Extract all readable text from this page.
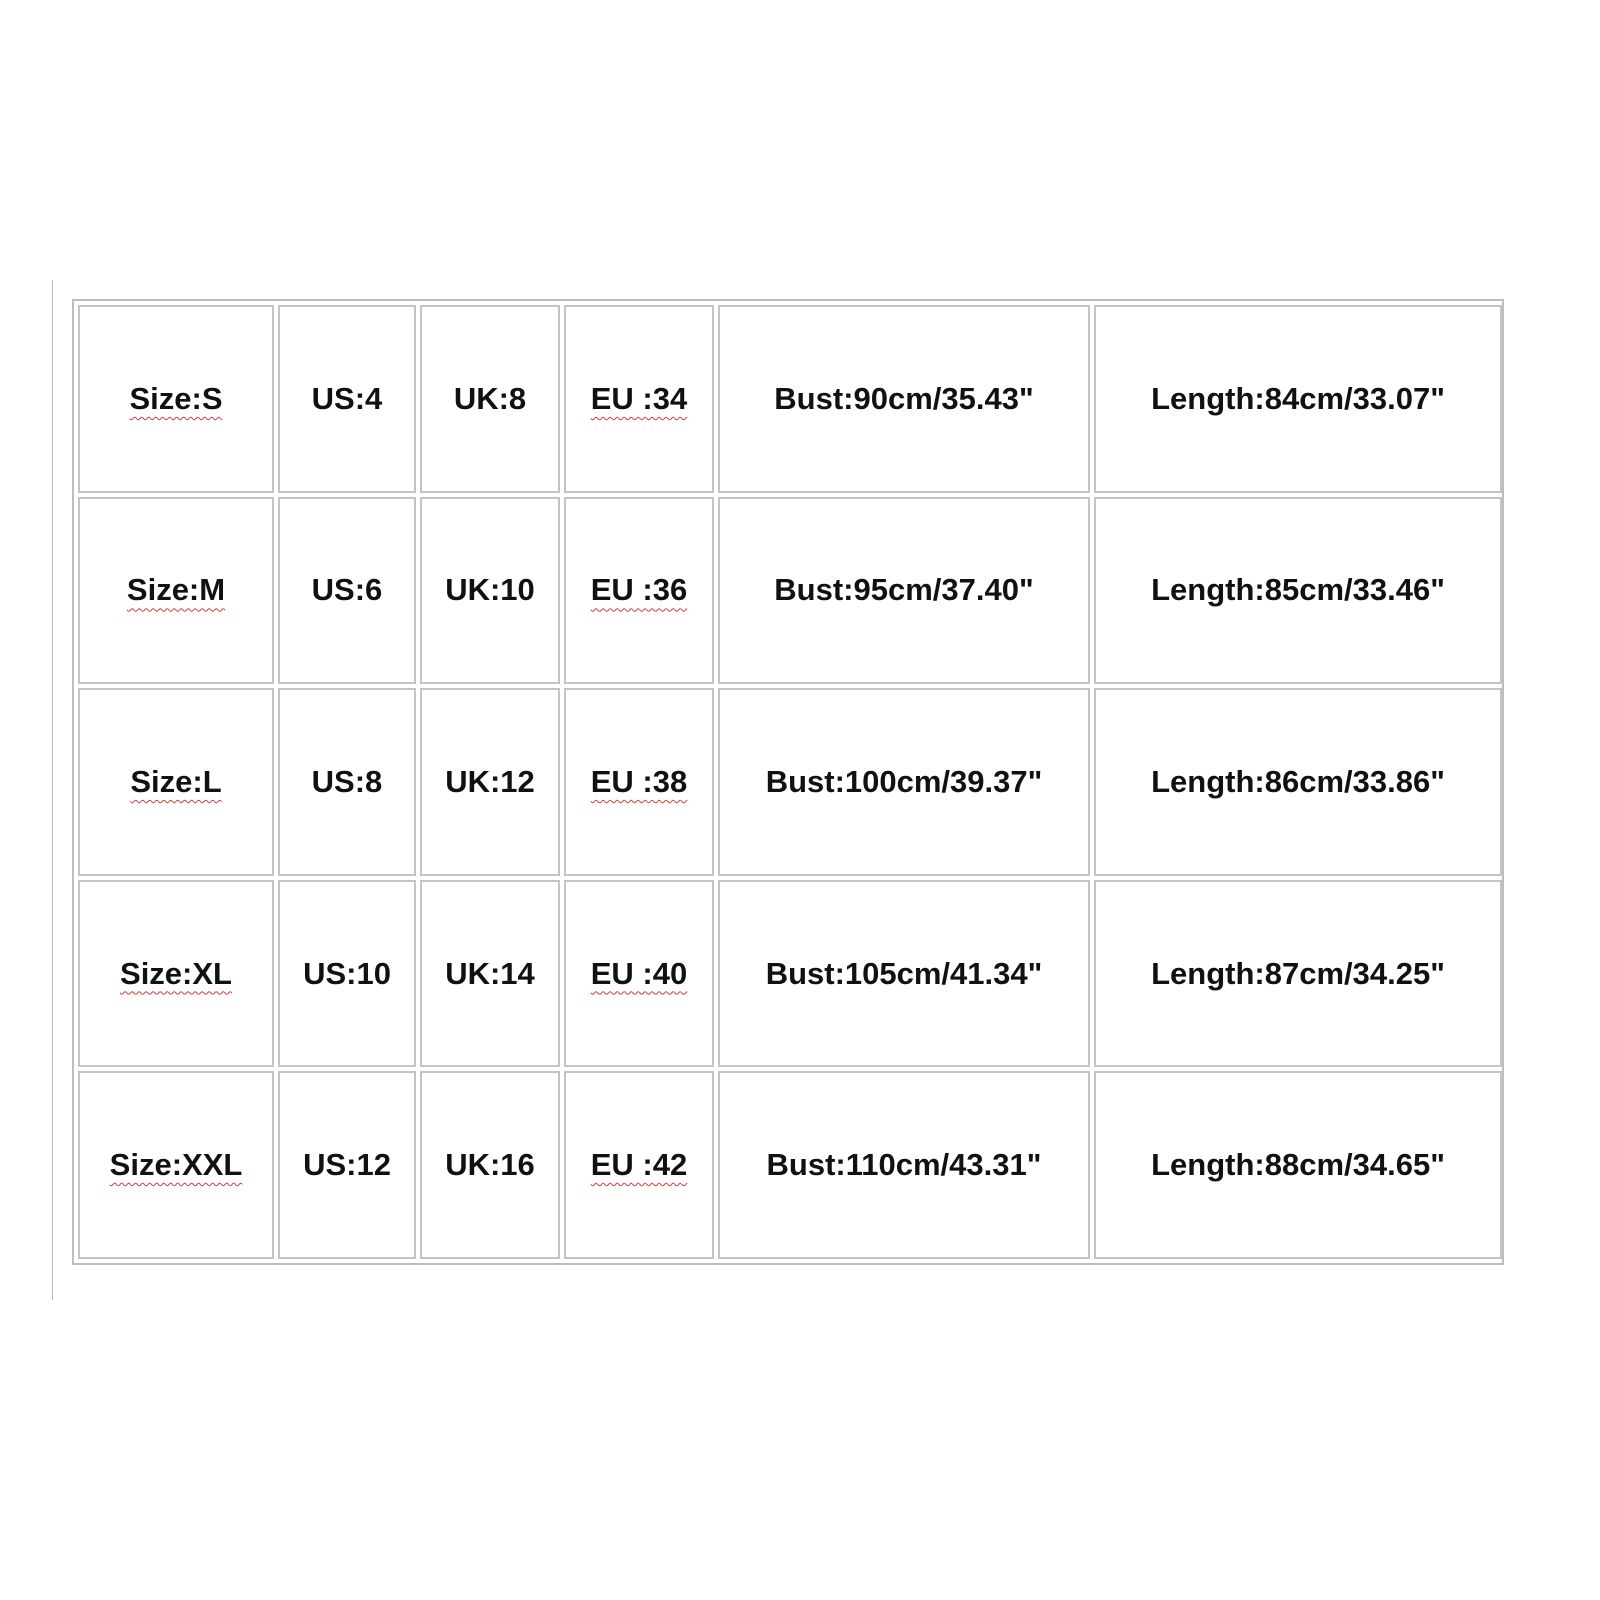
Size:S	US:4	UK:8	EU :34	Bust:90cm/35.43"	Length:84cm/33.07"
Size:M	US:6	UK:10	EU :36	Bust:95cm/37.40"	Length:85cm/33.46"
Size:L	US:8	UK:12	EU :38	Bust:100cm/39.37"	Length:86cm/33.86"
Size:XL	US:10	UK:14	EU :40	Bust:105cm/41.34"	Length:87cm/34.25"
Size:XXL	US:12	UK:16	EU :42	Bust:110cm/43.31"	Length:88cm/34.65"
